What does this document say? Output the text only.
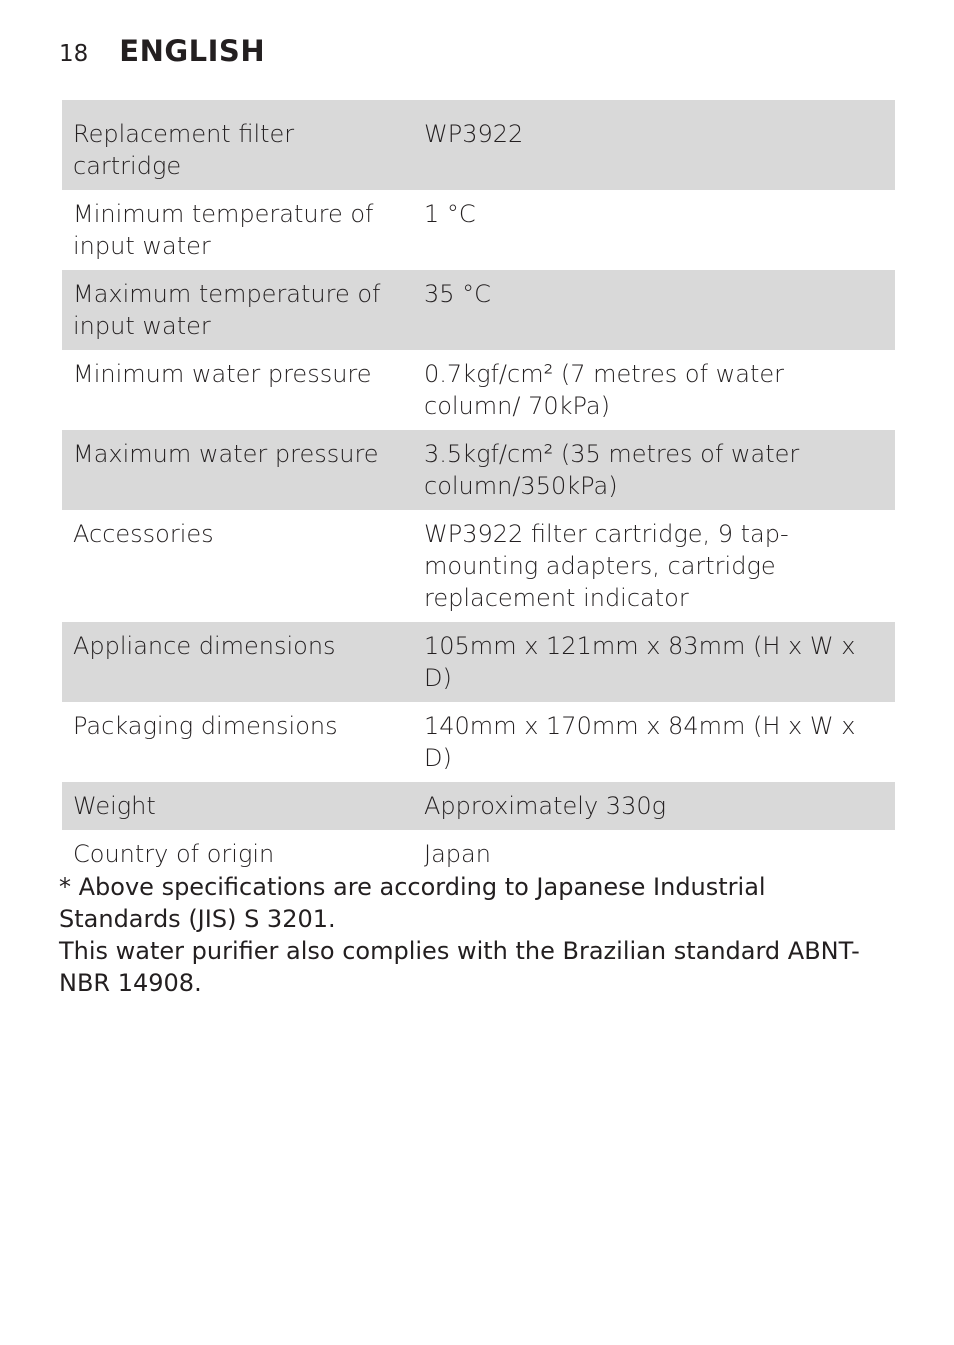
18 ENGLISH
Replacement filter cartridge	WP3922
Minimum temperature of input water	1 °C
Maximum temperature of input water	35 °C
Minimum water pressure	0.7kgf/cm² (7 metres of water column/ 70kPa)
Maximum water pressure	3.5kgf/cm² (35 metres of water column/350kPa)
Accessories	WP3922 filter cartridge, 9 tap-mounting adapters, cartridge replacement indicator
Appliance dimensions	105mm x 121mm x 83mm (H x W x D)
Packaging dimensions	140mm x 170mm x 84mm (H x W x D)
Weight	Approximately 330g
Country of origin	Japan

* Above specifications are according to Japanese Industrial Standards (JIS) S 3201.

This water purifier also complies with the Brazilian standard ABNT-NBR 14908.
